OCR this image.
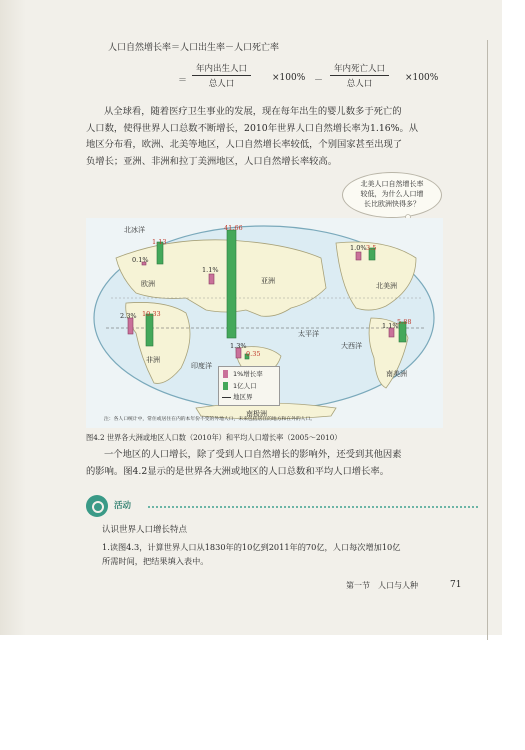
人口自然增长率＝人口出生率－人口死亡率
＝
年内出生人口
总人口
×100% －
年内死亡人口
总人口
×100%
从全球看，随着医疗卫生事业的发展，现在每年出生的婴儿数多于死亡的
人口数，使得世界人口总数不断增长，2010年世界人口自然增长率为1.16%。从
地区分布看，欧洲、北美等地区，人口自然增长率较低，个别国家甚至出现了
负增长；亚洲、非洲和拉丁美洲地区，人口自然增长率较高。
北美人口自然增长率
较低，为什么人口增
长比欧洲快得多？
北冰洋
欧洲	亚洲
非洲
北美洲
南美洲
南极洲
太平洋
大西洋
印度洋
41.66
10.33
1.13
3.5
0.35
5.88
0.1%
1.1%
2.3%
1.3%
1.0%
1.1%
1%增长率
1亿人口
地区界
注：各人口统计中，常住或居住在内的本年份不变的外地人口，未来包括居住的地方和在外的人口。
图4.2 世界各大洲或地区人口数（2010年）和平均人口增长率（2005～2010）
一个地区的人口增长，除了受到人口自然增长的影响外，还受到其他因素
的影响。图4.2显示的是世界各大洲或地区的人口总数和平均人口增长率。
活动
认识世界人口增长特点
1.读图4.3，计算世界人口从1830年的10亿到2011年的70亿，人口每次增加10亿
所需时间，把结果填入表中。
第一节　人口与人种	71
